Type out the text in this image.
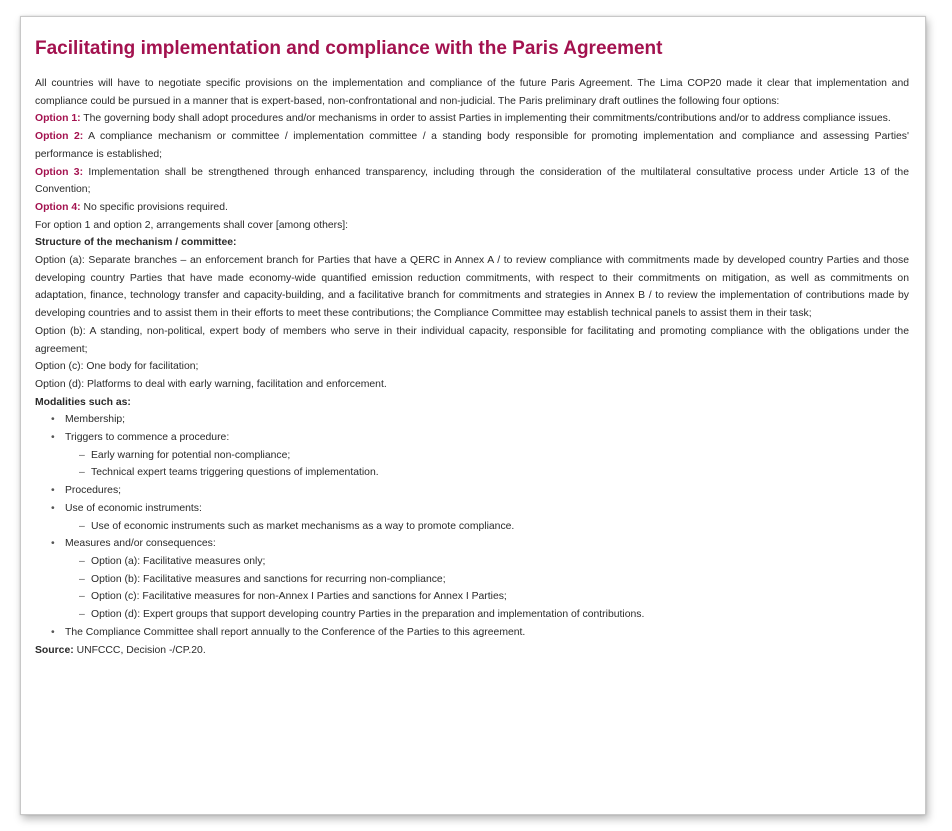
Facilitating implementation and compliance with the Paris Agreement

All countries will have to negotiate specific provisions on the implementation and compliance of the future Paris Agreement. The Lima COP20 made it clear that implementation and compliance could be pursued in a manner that is expert-based, non-confrontational and non-judicial. The Paris preliminary draft outlines the following four options:

Option 1: The governing body shall adopt procedures and/or mechanisms in order to assist Parties in implementing their commitments/contributions and/or to address compliance issues.

Option 2: A compliance mechanism or committee / implementation committee / a standing body responsible for promoting implementation and compliance and assessing Parties' performance is established;

Option 3: Implementation shall be strengthened through enhanced transparency, including through the consideration of the multilateral consultative process under Article 13 of the Convention;

Option 4: No specific provisions required.

For option 1 and option 2, arrangements shall cover [among others]:

Structure of the mechanism / committee:

Option (a): Separate branches – an enforcement branch for Parties that have a QERC in Annex A / to review compliance with commitments made by developed country Parties and those developing country Parties that have made economy-wide quantified emission reduction commitments, with respect to their commitments on mitigation, as well as commitments on adaptation, finance, technology transfer and capacity-building, and a facilitative branch for commitments and strategies in Annex B / to review the implementation of contributions made by developing countries and to assist them in their efforts to meet these contributions; the Compliance Committee may establish technical panels to assist them in their task;

Option (b): A standing, non-political, expert body of members who serve in their individual capacity, responsible for facilitating and promoting compliance with the obligations under the agreement;

Option (c): One body for facilitation;

Option (d): Platforms to deal with early warning, facilitation and enforcement.

Modalities such as:

• Membership;
• Triggers to commence a procedure:
– Early warning for potential non-compliance;
– Technical expert teams triggering questions of implementation.
• Procedures;
• Use of economic instruments:
– Use of economic instruments such as market mechanisms as a way to promote compliance.
• Measures and/or consequences:
– Option (a): Facilitative measures only;
– Option (b): Facilitative measures and sanctions for recurring non-compliance;
– Option (c): Facilitative measures for non-Annex I Parties and sanctions for Annex I Parties;
– Option (d): Expert groups that support developing country Parties in the preparation and implementation of contributions.
• The Compliance Committee shall report annually to the Conference of the Parties to this agreement.

Source: UNFCCC, Decision -/CP.20.
